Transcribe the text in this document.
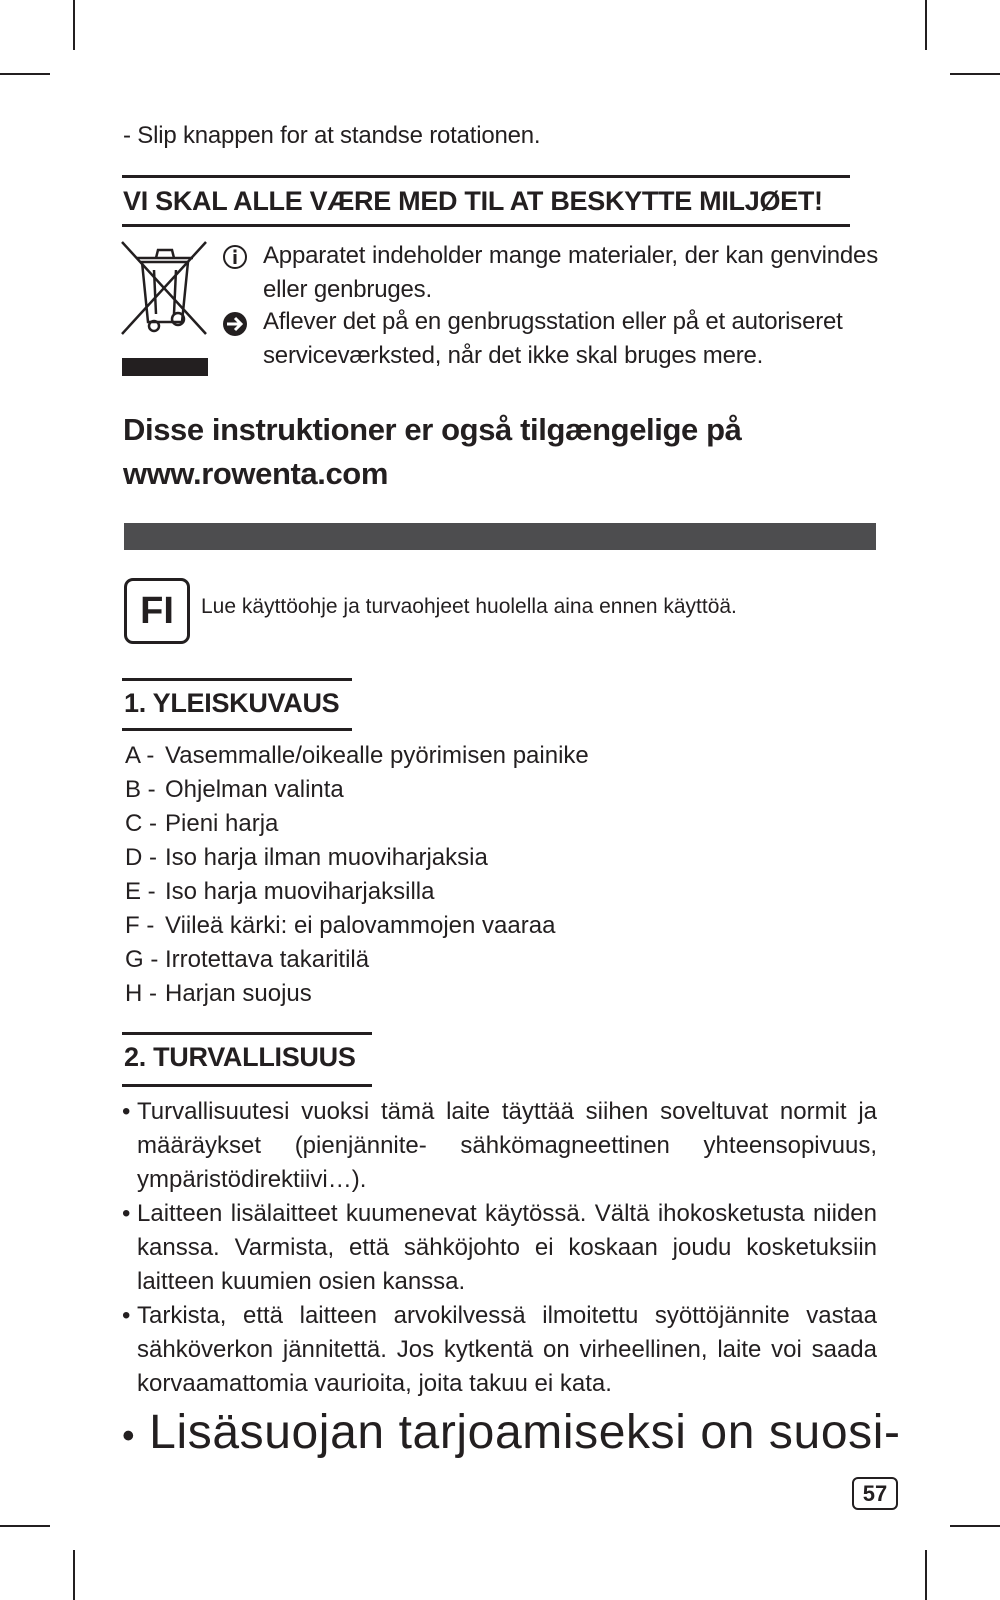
- Slip knappen for at standse rotationen.
VI SKAL ALLE VÆRE MED TIL AT BESKYTTE MILJØET!
Apparatet indeholder mange materialer, der kan genvindes eller genbruges.
Aflever det på en genbrugsstation eller på et autoriseret serviceværksted, når det ikke skal bruges mere.
Disse instruktioner er også tilgængelige på
www.rowenta.com
FI Lue käyttöohje ja turvaohjeet huolella aina ennen käyttöä.
1. YLEISKUVAUS
A - Vasemmalle/oikealle pyörimisen painike
B - Ohjelman valinta
C - Pieni harja
D - Iso harja ilman muoviharjaksia
E - Iso harja muoviharjaksilla
F - Viileä kärki: ei palovammojen vaaraa
G - Irrotettava takaritilä
H - Harjan suojus
2. TURVALLISUUS
• Turvallisuutesi vuoksi tämä laite täyttää siihen soveltuvat normit ja määräykset (pienjännite- sähkömagneettinen yhteensopivuus, ympäristödirektiivi…).
• Laitteen lisälaitteet kuumenevat käytössä. Vältä ihokosketusta niiden kanssa. Varmista, että sähköjohto ei koskaan joudu kosketuksiin laitteen kuumien osien kanssa.
• Tarkista, että laitteen arvokilvessä ilmoitettu syöttöjännite vastaa sähköverkon jännitettä. Jos kytkentä on virheellinen, laite voi saada korvaamattomia vaurioita, joita takuu ei kata.
• Lisäsuojan tarjoamiseksi on suosi-
57
